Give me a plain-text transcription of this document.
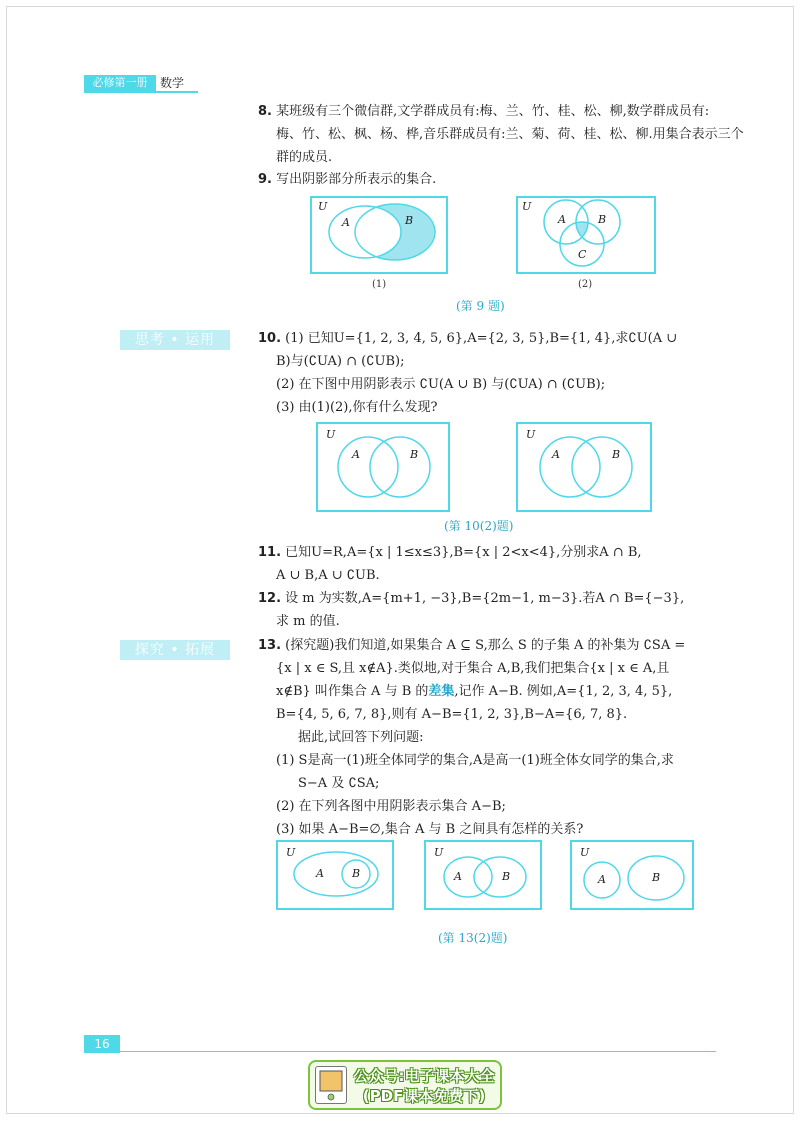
必修第一册	数学
8. 某班级有三个微信群,文学群成员有:梅、兰、竹、桂、松、柳,数学群成员有:
梅、竹、松、枫、杨、桦,音乐群成员有:兰、菊、荷、桂、松、柳.用集合表示三个
群的成员.
9. 写出阴影部分所表示的集合.
U
A	B
(1)
U
A	B
C
(2)
(第 9 题)
思考 • 运用	10. (1) 已知U={1, 2, 3, 4, 5, 6},A={2, 3, 5},B={1, 4},求∁U(A ∪
B)与(∁UA) ∩ (∁UB);
(2) 在下图中用阴影表示 ∁U(A ∪ B) 与(∁UA) ∩ (∁UB);
(3) 由(1)(2),你有什么发现?
U
A	B
U
A	B
(第 10(2)题)
11. 已知U=R,A={x | 1≤x≤3},B={x | 2<x<4},分别求A ∩ B,
A ∪ B,A ∪ ∁UB.
12. 设 m 为实数,A={m+1, −3},B={2m−1, m−3}.若A ∩ B={−3},
求 m 的值.
探究 • 拓展	13. (探究题)我们知道,如果集合 A ⊆ S,那么 S 的子集 A 的补集为 ∁SA =
{x | x ∈ S,且 x∉A}.类似地,对于集合 A,B,我们把集合{x | x ∈ A,且
x∉B} 叫作集合 A 与 B 的差集,记作 A−B. 例如,A={1, 2, 3, 4, 5},
B={4, 5, 6, 7, 8},则有 A−B={1, 2, 3},B−A={6, 7, 8}.
据此,试回答下列问题:
(1) S是高一(1)班全体同学的集合,A是高一(1)班全体女同学的集合,求
S−A 及 ∁SA;
(2) 在下列各图中用阴影表示集合 A−B;
(3) 如果 A−B=∅,集合 A 与 B 之间具有怎样的关系?
U
A	B
U
A	B
U
A	B
(第 13(2)题)
16
公众号:电子课本大全
(PDF课本免费下)
